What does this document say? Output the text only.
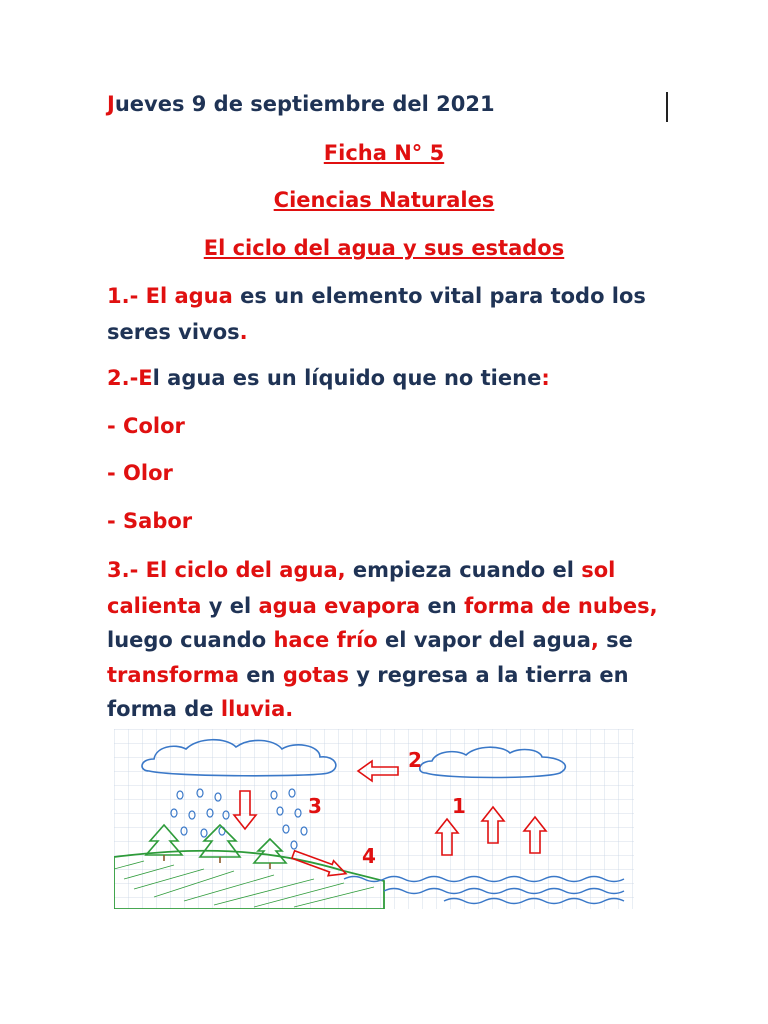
Jueves 9 de septiembre del 2021
Ficha N° 5
Ciencias Naturales
El ciclo del agua y sus estados
1.- El agua es un elemento vital para todo los
seres vivos.
2.-El agua es un líquido que no tiene:
- Color
- Olor
- Sabor
3.- El ciclo del agua, empieza cuando el sol
calienta y el agua evapora en forma de nubes,
luego cuando hace frío el vapor del agua, se
transforma en gotas y regresa a la tierra en
forma de lluvia.
1
2
3
4
